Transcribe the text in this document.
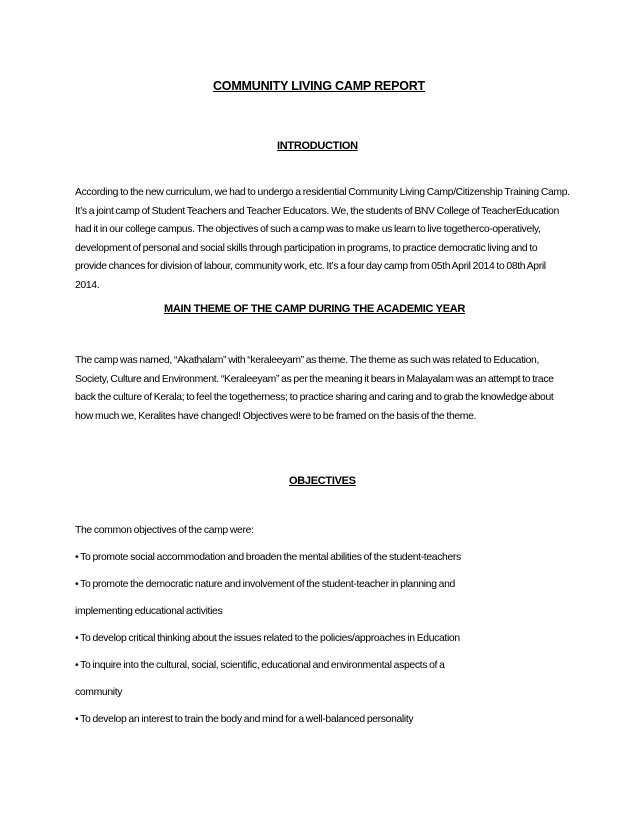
COMMUNITY LIVING CAMP REPORT
INTRODUCTION

According to the new curriculum, we had to undergo a residential Community Living Camp/Citizenship Training Camp. It’s a joint camp of Student Teachers and Teacher Educators. We, the students of BNV College of TeacherEducation had it in our college campus. The objectives of such a camp was to make us learn to live togetherco-operatively, development of personal and social skills through participation in programs, to practice democratic living and to provide chances for division of labour, community work, etc. It’s a four day camp from 05th April 2014 to 08th April 2014.

MAIN THEME OF THE CAMP DURING THE ACADEMIC YEAR

The camp was named, “Akathalam” with “keraleeyam” as theme. The theme as such was related to Education, Society, Culture and Environment. “Keraleeyam” as per the meaning it bears in Malayalam was an attempt to trace back the culture of Kerala; to feel the togetherness; to practice sharing and caring and to grab the knowledge about how much we, Keralites have changed! Objectives were to be framed on the basis of the theme.

OBJECTIVES

The common objectives of the camp were:

• To promote social accommodation and broaden the mental abilities of the student-teachers

• To promote the democratic nature and involvement of the student-teacher in planning and

implementing educational activities

• To develop critical thinking about the issues related to the policies/approaches in Education

• To inquire into the cultural, social, scientific, educational and environmental aspects of a

community

• To develop an interest to train the body and mind for a well-balanced personality
